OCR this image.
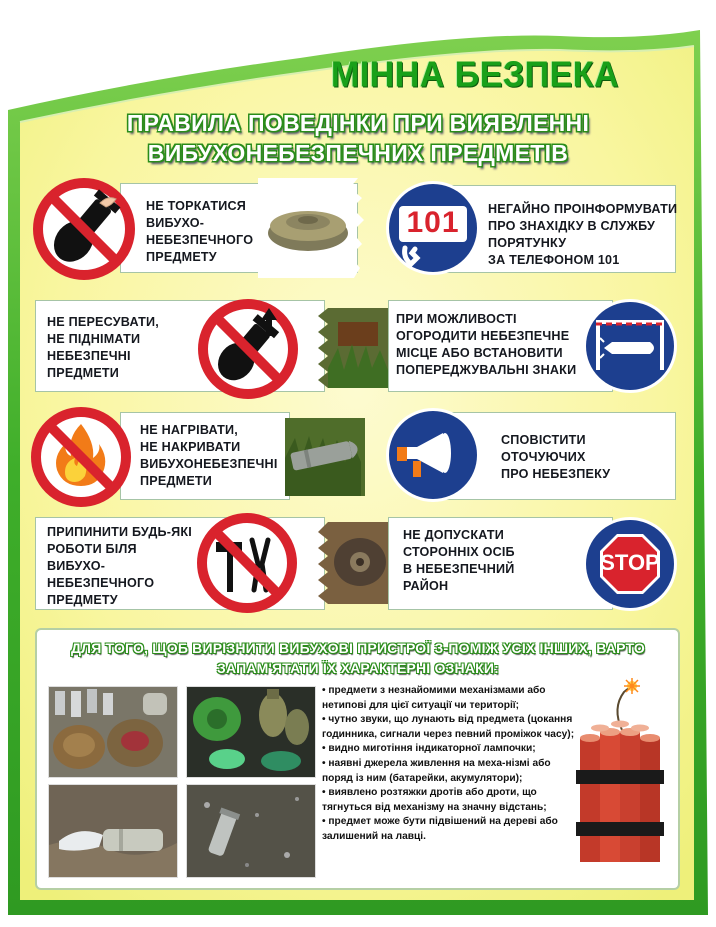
МІННА БЕЗПЕКА
ПРАВИЛА ПОВЕДІНКИ ПРИ ВИЯВЛЕННІ
ВИБУХОНЕБЕЗПЕЧНИХ ПРЕДМЕТІВ
НЕ ТОРКАТИСЯ
ВИБУХО-
НЕБЕЗПЕЧНОГО
ПРЕДМЕТУ
101	НЕГАЙНО ПРОІНФОРМУВАТИ
ПРО ЗНАХІДКУ В СЛУЖБУ
ПОРЯТУНКУ
ЗА ТЕЛЕФОНОМ 101
НЕ ПЕРЕСУВАТИ,
НЕ ПІДНІМАТИ
НЕБЕЗПЕЧНІ
ПРЕДМЕТИ
ПРИ МОЖЛИВОСТІ
ОГОРОДИТИ НЕБЕЗПЕЧНЕ
МІСЦЕ АБО ВСТАНОВИТИ
ПОПЕРЕДЖУВАЛЬНІ ЗНАКИ
НЕ НАГРІВАТИ,
НЕ НАКРИВАТИ
ВИБУХОНЕБЕЗПЕЧНІ
ПРЕДМЕТИ
СПОВІСТИТИ
ОТОЧУЮЧИХ
ПРО НЕБЕЗПЕКУ
ПРИПИНИТИ БУДЬ-ЯКІ
РОБОТИ БІЛЯ
ВИБУХО-
НЕБЕЗПЕЧНОГО
ПРЕДМЕТУ
НЕ ДОПУСКАТИ
СТОРОННІХ ОСІБ
В НЕБЕЗПЕЧНИЙ
РАЙОН
STOP
ДЛЯ ТОГО, ЩОБ ВИРІЗНИТИ ВИБУХОВІ ПРИСТРОЇ З-ПОМІЖ УСІХ ІНШИХ, ВАРТО
ЗАПАМ'ЯТАТИ ЇХ ХАРАКТЕРНІ ОЗНАКИ:
• предмети з незнайомими механізмами або нетипові для цієї ситуації чи території;
• чутно звуки, що лунають від предмета (цокання годинника, сигнали через певний проміжок часу);
• видно миготіння індикаторної лампочки;
• наявні джерела живлення на меха-нізмі або поряд із ним (батарейки, акумулятори);
• виявлено розтяжки дротів або дроти, що тягнуться від механізму на значну відстань;
• предмет може бути підвішений на дереві або залишений на лавці.
